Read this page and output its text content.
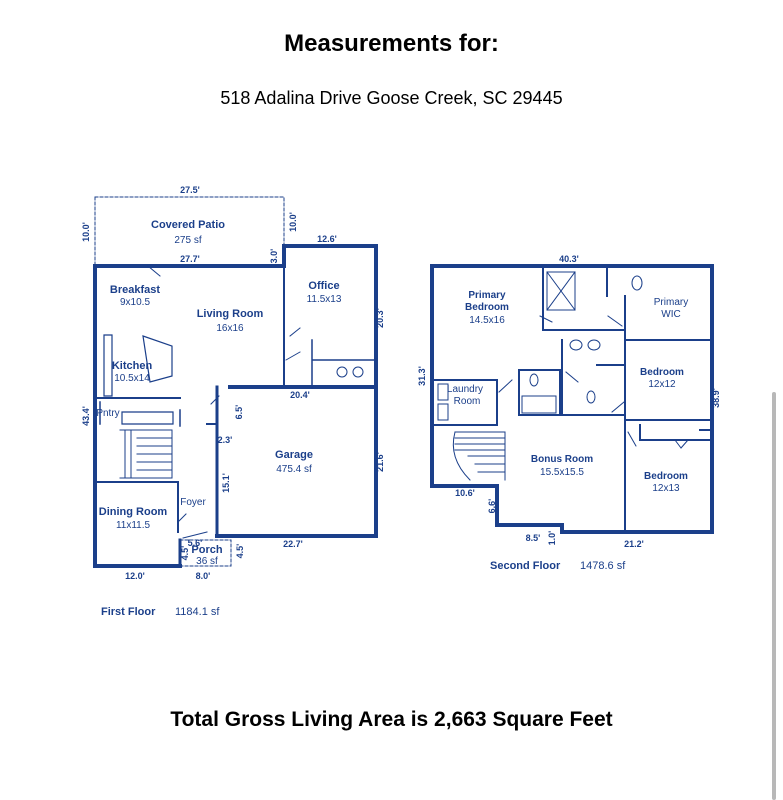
Measurements for:
518 Adalina Drive Goose Creek, SC 29445
Covered Patio
Breakfast
Living Room
Office
Kitchen
Garage
Dining Room
Porch
275 sf
9x10.5
16x16
11.5x13
10.5x14
Pntry
475.4 sf
Foyer
11x11.5
36 sf
27.5'
27.7'
12.6'
20.4'
2.3'
22.7'
5.6'
12.0'	8.0'
10.0'
10.0'
3.0'
20.3'
43.4'	6.5'
15.1'
21.6'
4.5'	4.5'
First Floor 1184.1 sf
Primary
Bedroom
Bonus Room
Bedroom
Bedroom
14.5x16
Primary
WIC
Laundry
Room
12x12
15.5x15.5
12x13
40.3'
10.6'
8.5'
21.2'
31.3'
38.9'
6.6'
1.0'
Second Floor 1478.6 sf
Total Gross Living Area is 2,663 Square Feet
